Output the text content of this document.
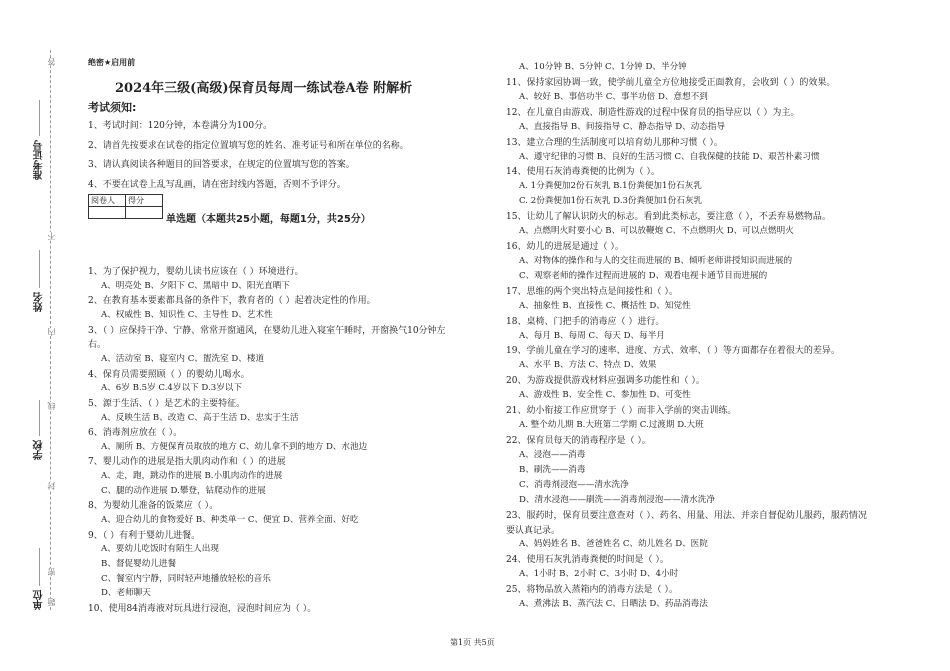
答
不
内
线
封
密
题
准考证号
姓名
学校
单位
绝密★启用前
2024年三级(高级)保育员每周一练试卷A卷 附解析
考试须知:
1、考试时间：120分钟，本卷满分为100分。
2、请首先按要求在试卷的指定位置填写您的姓名、准考证号和所在单位的名称。
3、请认真阅读各种题目的回答要求，在规定的位置填写您的答案。
4、不要在试卷上乱写乱画，请在密封线内答题，否则不予评分。
阅卷人	得分

单选题（本题共25小题，每题1分，共25分）
1、为了保护视力，婴幼儿读书应该在（ ）环境进行。
A、明亮处 B、夕阳下 C、黑暗中 D、阳光直晒下
2、在教育基本要素都具备的条件下，教育者的（ ）起着决定性的作用。
A、权威性 B、知识性 C、主导性 D、艺术性
3、（ ）应保持干净、宁静、常常开窗通风，在婴幼儿进入寝室午睡时，开窗换气10分钟左
右。
A、活动室 B、寝室内 C、盥洗室 D、楼道
4、保育员需要照顾（ ）的婴幼儿喝水。
A、6岁 B.5岁 C.4岁以下 D.3岁以下
5、源于生活、（ ）是艺术的主要特征。
A、反映生活 B、改造 C、高于生活 D、忠实于生活
6、消毒剂应放在（ ）。
A、厕所 B、方便保育员取放的地方 C、幼儿拿不到的地方 D、水池边
7、婴儿动作的进展是指大肌肉动作和（ ）的进展
A、走，跑，跳动作的进展 B.小肌肉动作的进展
C、腿的动作进展 D.攀登，钻爬动作的进展
8、为婴幼儿准备的饭菜应（ ）。
A、迎合幼儿的食物爱好 B、种类单一 C、便宜 D、营养全面、好吃
9、（ ）有利于婴幼儿进餐。
A、要幼儿吃饭时有陌生人出现
B、督促婴幼儿进餐
C、餐室内宁静，同时轻声地播放轻松的音乐
D、老师聊天
10、使用84消毒液对玩具进行浸泡，浸泡时间应为（ ）。
A、10分钟 B、5分钟 C、1分钟 D、半分钟
11、保持家园协调一致，使学前儿童全方位地接受正面教育，会收到（ ）的效果。
A、较好 B、事倍功半 C、事半功倍 D、意想不到
12、在儿童自由游戏、制造性游戏的过程中保育员的指导应以（ ）为主。
A、直接指导 B、间接指导 C、静态指导 D、动态指导
13、建立合理的生活制度可以培育幼儿那种习惯（ ）。
A、遵守纪律的习惯 B、良好的生活习惯 C、自我保健的技能 D、艰苦朴素习惯
14、使用石灰消毒粪便的比例为（ ）。
A. 1分粪便加2份石灰乳 B.1份粪便加1份石灰乳
C. 2份粪便加1份石灰乳 D.3份粪便加1份石灰乳
15、让幼儿了解认识防火的标志。看到此类标志，要注意（ ），不丢弃易燃物品。
A、点燃明火时要小心 B、可以放鞭炮 C、不点燃明火 D、可以点燃明火
16、幼儿的进展是通过（ ）。
A、对物体的操作和与人的交往而进展的 B、倾听老师讲授知识而进展的
C、观察老师的操作过程而进展的 D、观看电视卡通节目而进展的
17、思维的两个突出特点是间接性和（ ）。
A、抽象性 B、直接性 C、概括性 D、知觉性
18、桌椅、门把手的消毒应（ ）进行。
A、每月 B、每周 C、每天 D、每半月
19、学前儿童在学习的速率、进度、方式、效率、（ ）等方面都存在着很大的差异。
A、水平 B、方法 C、特点 D、效果
20、为游戏提供游戏材料应强调多功能性和（ ）。
A、游戏性 B、安全性 C、参加性 D、可变性
21、幼小衔接工作应贯穿于（ ）而非入学前的突击训练。
A. 整个幼儿期 B.大班第二学期 C.过渡期 D.大班
22、保育员每天的消毒程序是（ ）。
A、浸泡——消毒
B、刷洗——消毒
C、消毒剂浸泡——清水洗净
D、清水浸泡——刷洗——消毒剂浸泡——清水洗净
23、服药时，保育员要注意查对（ ）、药名、用量、用法、并亲自督促幼儿服药，服药情况
要认真记录。
A、妈妈姓名 B、爸爸姓名 C、幼儿姓名 D、医院
24、使用石灰乳消毒粪便的时间是（ ）。
A、1小时 B、2小时 C、3小时 D、4小时
25、将物品放入蒸箱内的消毒方法是（ ）。
A、煮沸法 B、蒸汽法 C、日晒法 D、药品消毒法
第1页 共5页
